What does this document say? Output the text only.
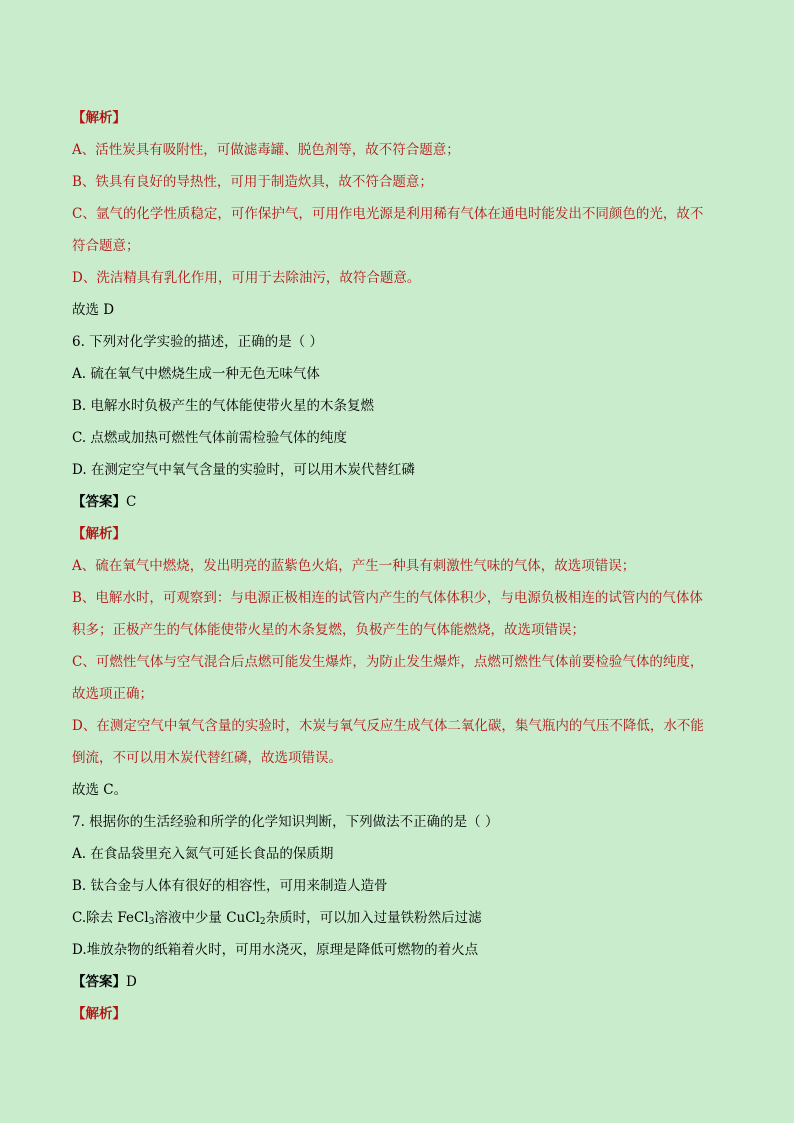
【解析】
A、活性炭具有吸附性，可做滤毒罐、脱色剂等，故不符合题意；
B、铁具有良好的导热性，可用于制造炊具，故不符合题意；
C、氩气的化学性质稳定，可作保护气，可用作电光源是利用稀有气体在通电时能发出不同颜色的光，故不
符合题意；
D、洗洁精具有乳化作用，可用于去除油污，故符合题意。
故选 D
6. 下列对化学实验的描述，正确的是（ ）
A. 硫在氧气中燃烧生成一种无色无味气体
B. 电解水时负极产生的气体能使带火星的木条复燃
C. 点燃或加热可燃性气体前需检验气体的纯度
D. 在测定空气中氧气含量的实验时，可以用木炭代替红磷
【答案】C
【解析】
A、硫在氧气中燃烧，发出明亮的蓝紫色火焰，产生一种具有刺激性气味的气体，故选项错误；
B、电解水时，可观察到：与电源正极相连的试管内产生的气体体积少，与电源负极相连的试管内的气体体
积多；正极产生的气体能使带火星的木条复燃，负极产生的气体能燃烧，故选项错误；
C、可燃性气体与空气混合后点燃可能发生爆炸，为防止发生爆炸，点燃可燃性气体前要检验气体的纯度，
故选项正确；
D、在测定空气中氧气含量的实验时，木炭与氧气反应生成气体二氧化碳，集气瓶内的气压不降低，水不能
倒流，不可以用木炭代替红磷，故选项错误。
故选 C。
7. 根据你的生活经验和所学的化学知识判断，下列做法不正确的是（ ）
A. 在食品袋里充入氮气可延长食品的保质期
B. 钛合金与人体有很好的相容性，可用来制造人造骨
C.除去 FeCl$_3$溶液中少量 CuCl$_2$杂质时，可以加入过量铁粉然后过滤
D.堆放杂物的纸箱着火时，可用水浇灭，原理是降低可燃物的着火点
【答案】D
【解析】
